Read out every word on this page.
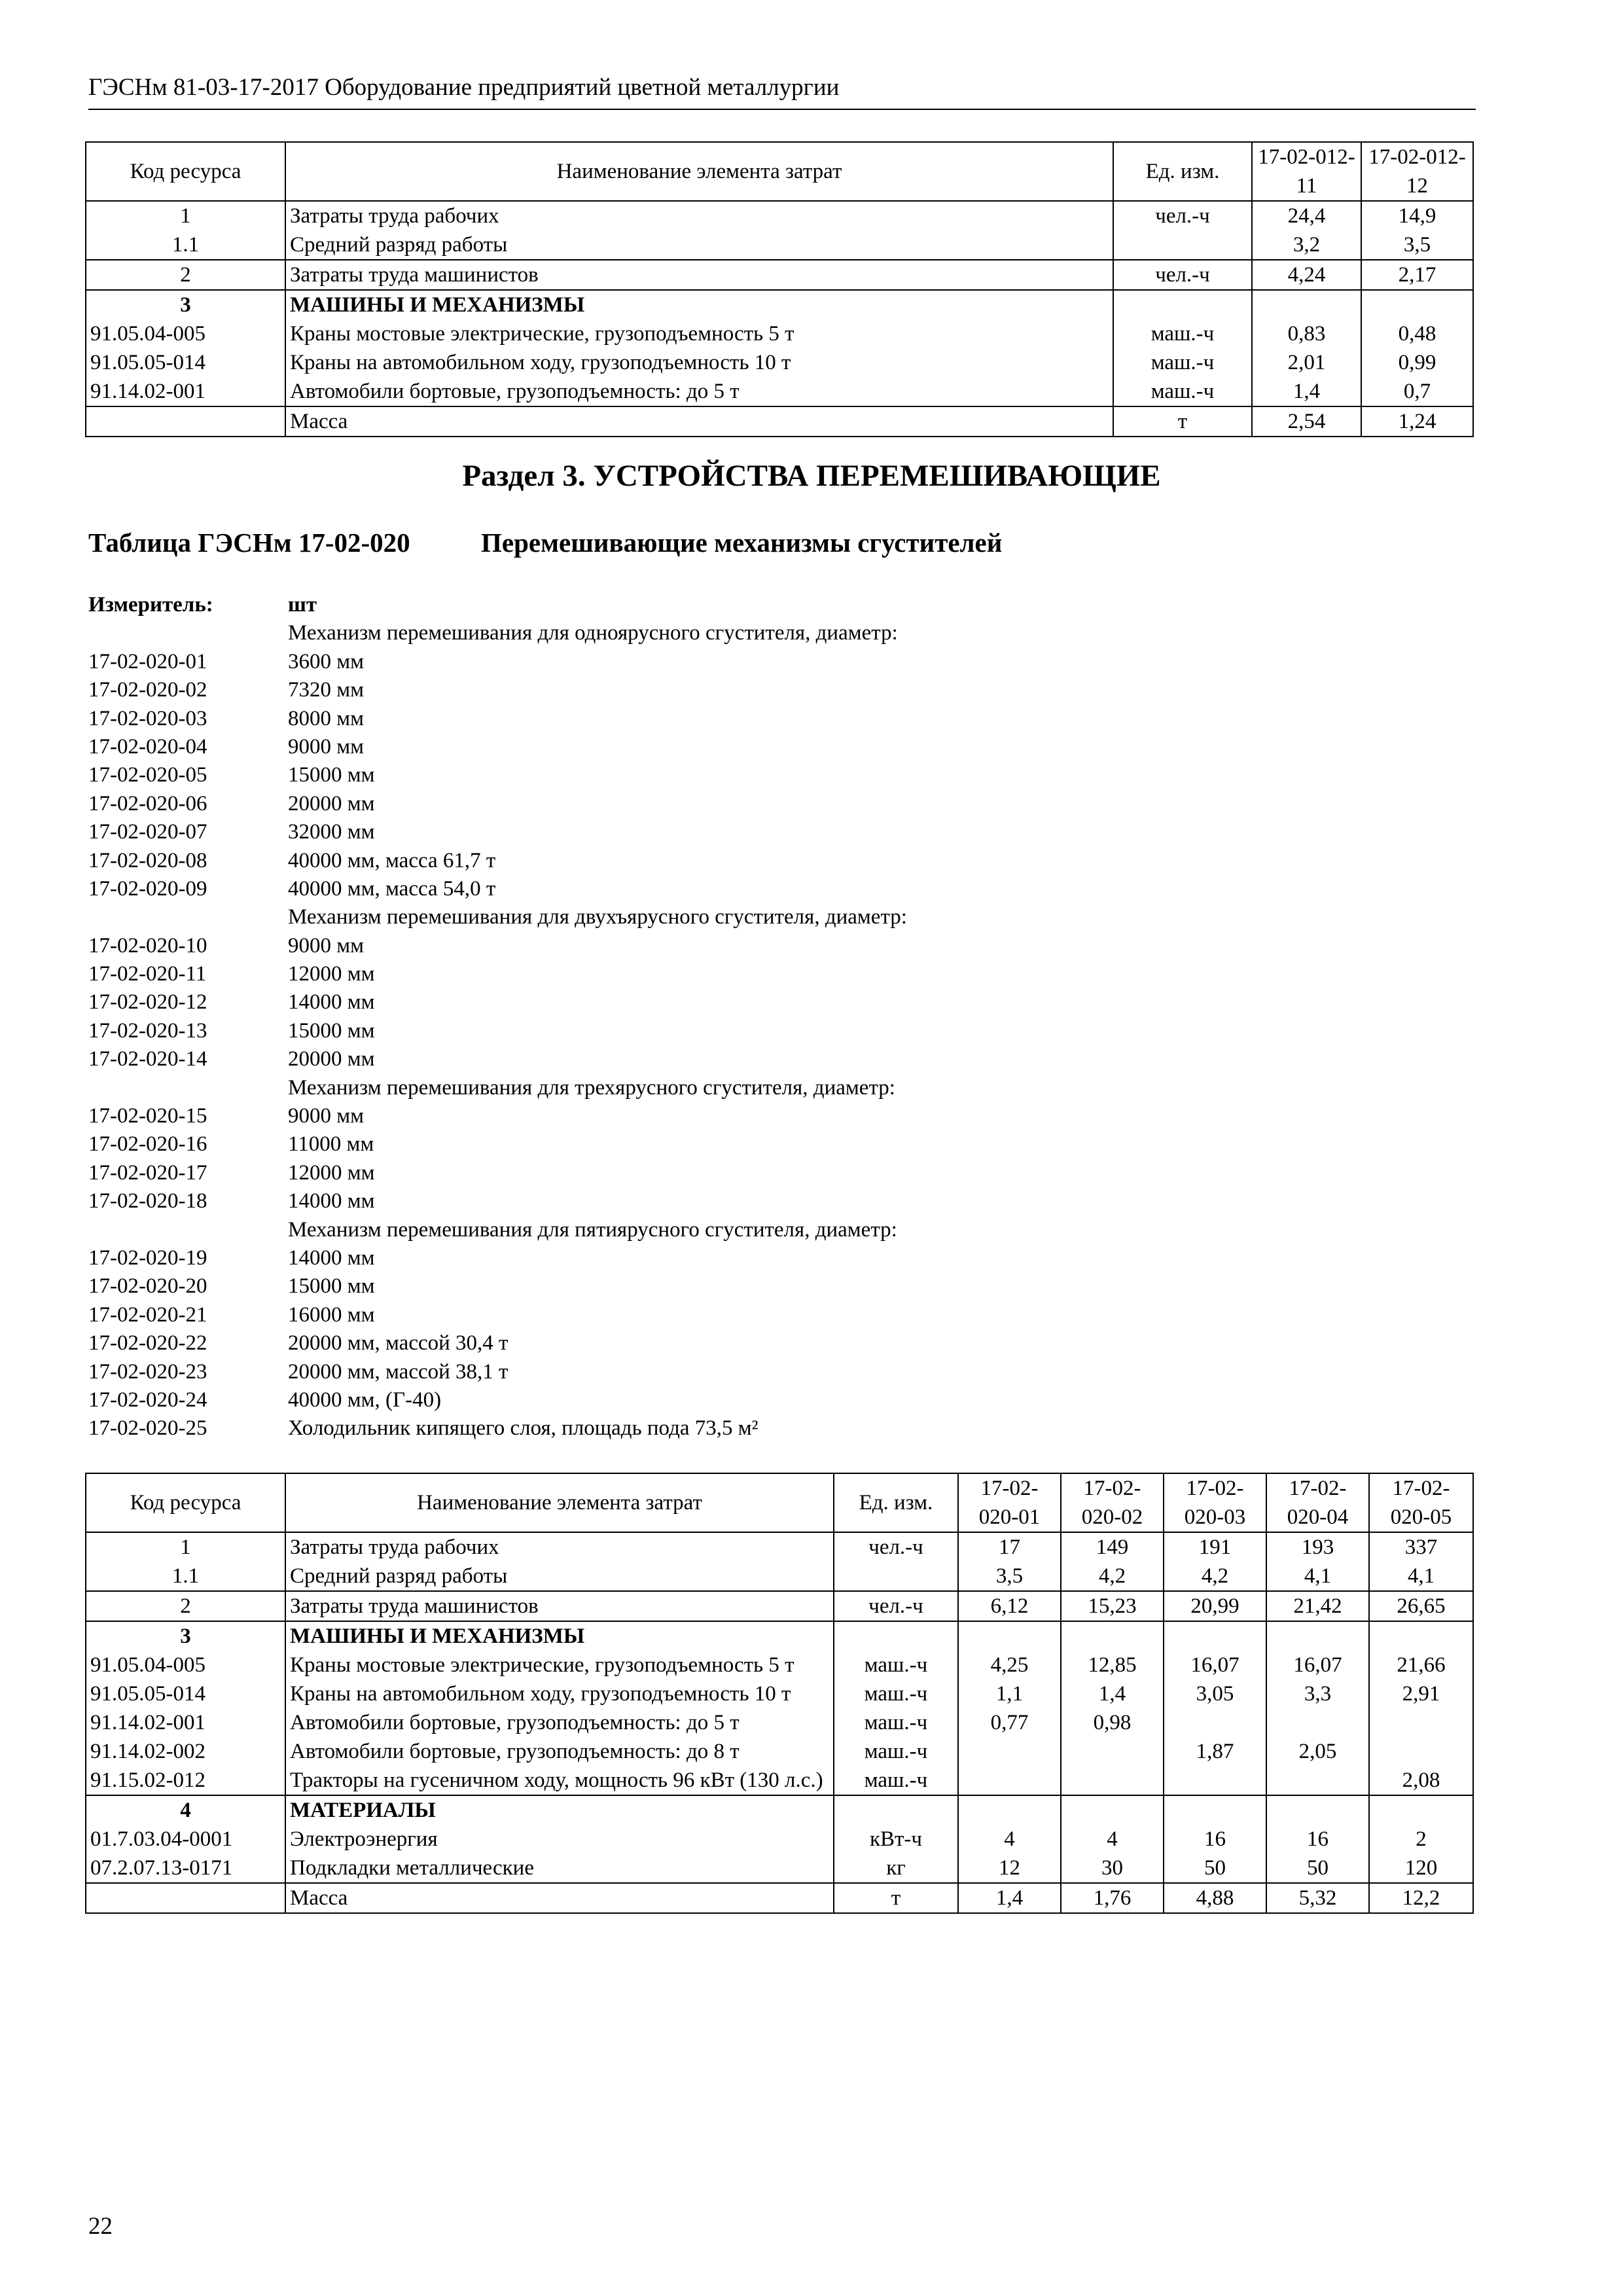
ГЭСНм 81-03-17-2017 Оборудование предприятий цветной металлургии
Код ресурса	Наименование элемента затрат	Ед. изм.	17-02-012-11	17-02-012-12
1	Затраты труда рабочих	чел.-ч	24,4	14,9
1.1	Средний разряд работы		3,2	3,5
2	Затраты труда машинистов	чел.-ч	4,24	2,17
3	МАШИНЫ И МЕХАНИЗМЫ			
91.05.04-005	Краны мостовые электрические, грузоподъемность 5 т	маш.-ч	0,83	0,48
91.05.05-014	Краны на автомобильном ходу, грузоподъемность 10 т	маш.-ч	2,01	0,99
91.14.02-001	Автомобили бортовые, грузоподъемность: до 5 т	маш.-ч	1,4	0,7
	Масса	т	2,54	1,24
Раздел 3. УСТРОЙСТВА ПЕРЕМЕШИВАЮЩИЕ
Таблица ГЭСНм 17-02-020	Перемешивающие механизмы сгустителей
Измеритель:	шт
Механизм перемешивания для одноярусного сгустителя, диаметр:
17-02-020-01	3600 мм
17-02-020-02	7320 мм
17-02-020-03	8000 мм
17-02-020-04	9000 мм
17-02-020-05	15000 мм
17-02-020-06	20000 мм
17-02-020-07	32000 мм
17-02-020-08	40000 мм, масса 61,7 т
17-02-020-09	40000 мм, масса 54,0 т
Механизм перемешивания для двухъярусного сгустителя, диаметр:
17-02-020-10	9000 мм
17-02-020-11	12000 мм
17-02-020-12	14000 мм
17-02-020-13	15000 мм
17-02-020-14	20000 мм
Механизм перемешивания для трехярусного сгустителя, диаметр:
17-02-020-15	9000 мм
17-02-020-16	11000 мм
17-02-020-17	12000 мм
17-02-020-18	14000 мм
Механизм перемешивания для пятиярусного сгустителя, диаметр:
17-02-020-19	14000 мм
17-02-020-20	15000 мм
17-02-020-21	16000 мм
17-02-020-22	20000 мм, массой 30,4 т
17-02-020-23	20000 мм, массой 38,1 т
17-02-020-24	40000 мм, (Г-40)
17-02-020-25	Холодильник кипящего слоя, площадь пода 73,5 м²
Код ресурса	Наименование элемента затрат	Ед. изм.	17-02-020-01	17-02-020-02	17-02-020-03	17-02-020-04	17-02-020-05
1	Затраты труда рабочих	чел.-ч	17	149	191	193	337
1.1	Средний разряд работы		3,5	4,2	4,2	4,1	4,1
2	Затраты труда машинистов	чел.-ч	6,12	15,23	20,99	21,42	26,65
3	МАШИНЫ И МЕХАНИЗМЫ						
91.05.04-005	Краны мостовые электрические, грузоподъемность 5 т	маш.-ч	4,25	12,85	16,07	16,07	21,66
91.05.05-014	Краны на автомобильном ходу, грузоподъемность 10 т	маш.-ч	1,1	1,4	3,05	3,3	2,91
91.14.02-001	Автомобили бортовые, грузоподъемность: до 5 т	маш.-ч	0,77	0,98			
91.14.02-002	Автомобили бортовые, грузоподъемность: до 8 т	маш.-ч			1,87	2,05	
91.15.02-012	Тракторы на гусеничном ходу, мощность 96 кВт (130 л.с.)	маш.-ч					2,08
4	МАТЕРИАЛЫ						
01.7.03.04-0001	Электроэнергия	кВт-ч	4	4	16	16	2
07.2.07.13-0171	Подкладки металлические	кг	12	30	50	50	120
	Масса	т	1,4	1,76	4,88	5,32	12,2
22
